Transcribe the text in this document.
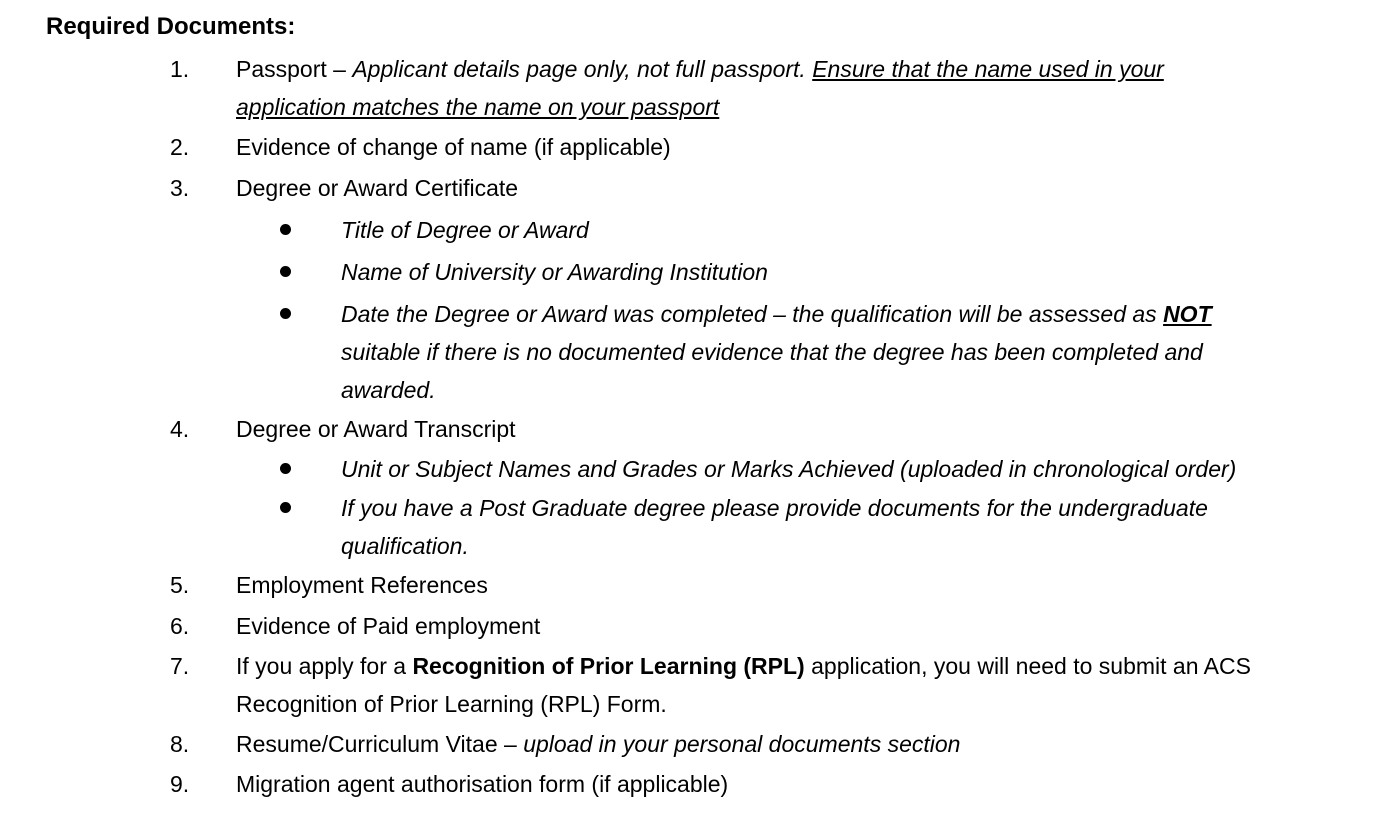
Required Documents:
1.	Passport – Applicant details page only, not full passport. Ensure that the name used in your
application matches the name on your passport
2.	Evidence of change of name (if applicable)
3.	Degree or Award Certificate
Title of Degree or Award
Name of University or Awarding Institution
Date the Degree or Award was completed – the qualification will be assessed as NOT
suitable if there is no documented evidence that the degree has been completed and
awarded.
4.	Degree or Award Transcript
Unit or Subject Names and Grades or Marks Achieved (uploaded in chronological order)
If you have a Post Graduate degree please provide documents for the undergraduate
qualification.
5.	Employment References
6.	Evidence of Paid employment
7.	If you apply for a Recognition of Prior Learning (RPL) application, you will need to submit an ACS
Recognition of Prior Learning (RPL) Form.
8.	Resume/Curriculum Vitae – upload in your personal documents section
9.	Migration agent authorisation form (if applicable)
